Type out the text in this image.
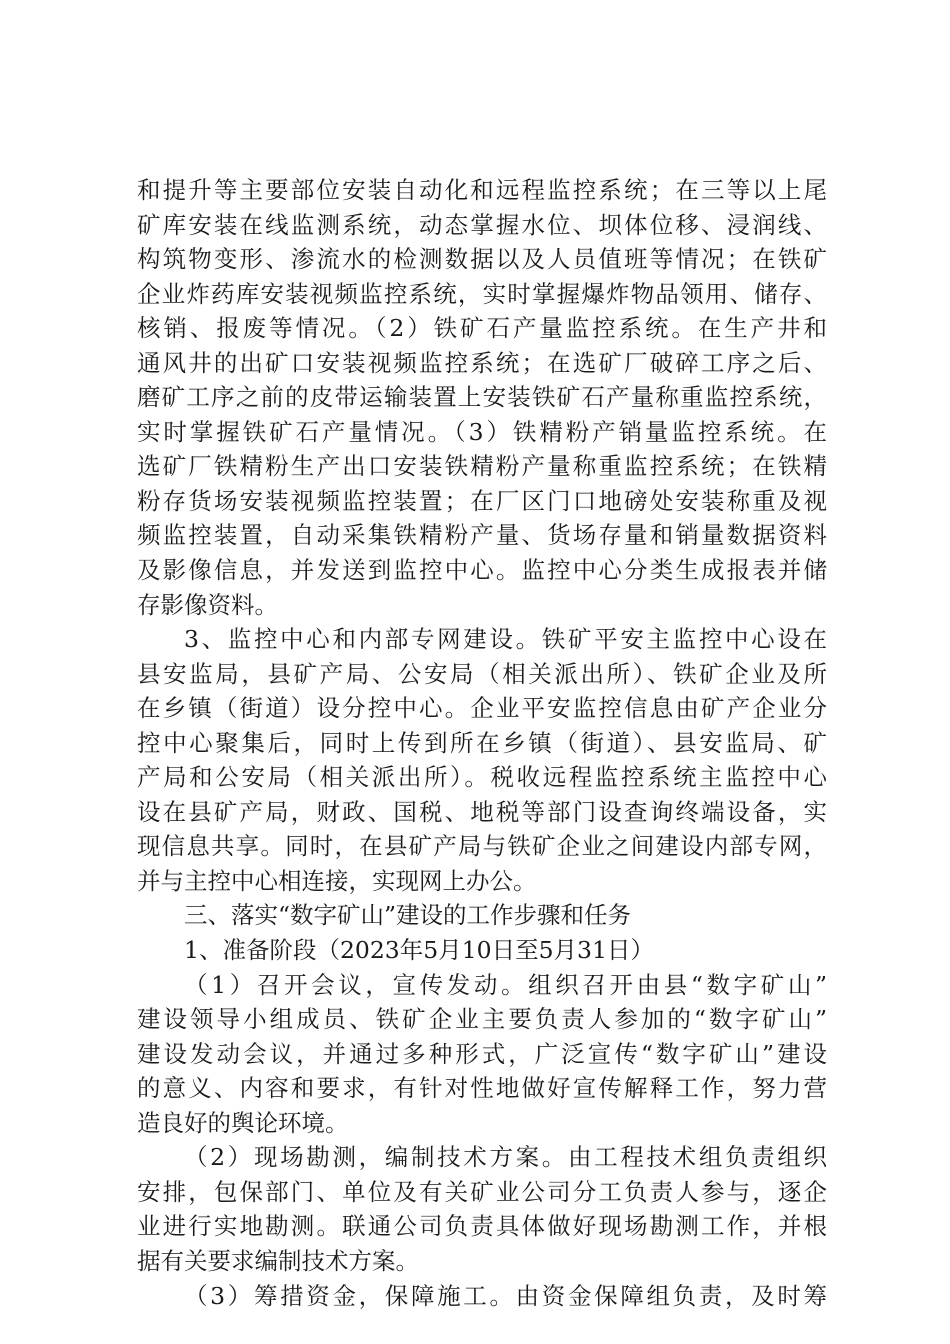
和提升等主要部位安装自动化和远程监控系统；在三等以上尾
矿库安装在线监测系统，动态掌握水位、坝体位移、浸润线、
构筑物变形、渗流水的检测数据以及人员值班等情况；在铁矿
企业炸药库安装视频监控系统，实时掌握爆炸物品领用、储存、
核销、报废等情况。（2）铁矿石产量监控系统。在生产井和
通风井的出矿口安装视频监控系统；在选矿厂破碎工序之后、
磨矿工序之前的皮带运输装置上安装铁矿石产量称重监控系统，
实时掌握铁矿石产量情况。（3）铁精粉产销量监控系统。在
选矿厂铁精粉生产出口安装铁精粉产量称重监控系统；在铁精
粉存货场安装视频监控装置；在厂区门口地磅处安装称重及视
频监控装置，自动采集铁精粉产量、货场存量和销量数据资料
及影像信息，并发送到监控中心。监控中心分类生成报表并储
存影像资料。
3、监控中心和内部专网建设。铁矿平安主监控中心设在
县安监局，县矿产局、公安局（相关派出所）、铁矿企业及所
在乡镇（街道）设分控中心。企业平安监控信息由矿产企业分
控中心聚集后，同时上传到所在乡镇（街道）、县安监局、矿
产局和公安局（相关派出所）。税收远程监控系统主监控中心
设在县矿产局，财政、国税、地税等部门设查询终端设备，实
现信息共享。同时，在县矿产局与铁矿企业之间建设内部专网，
并与主控中心相连接，实现网上办公。
三、落实“数字矿山”建设的工作步骤和任务
1、准备阶段（2023年5月10日至5月31日）
（1）召开会议，宣传发动。组织召开由县“数字矿山”
建设领导小组成员、铁矿企业主要负责人参加的“数字矿山”
建设发动会议，并通过多种形式，广泛宣传“数字矿山”建设
的意义、内容和要求，有针对性地做好宣传解释工作，努力营
造良好的舆论环境。
（2）现场勘测，编制技术方案。由工程技术组负责组织
安排，包保部门、单位及有关矿业公司分工负责人参与，逐企
业进行实地勘测。联通公司负责具体做好现场勘测工作，并根
据有关要求编制技术方案。
（3）筹措资金，保障施工。由资金保障组负责，及时筹
